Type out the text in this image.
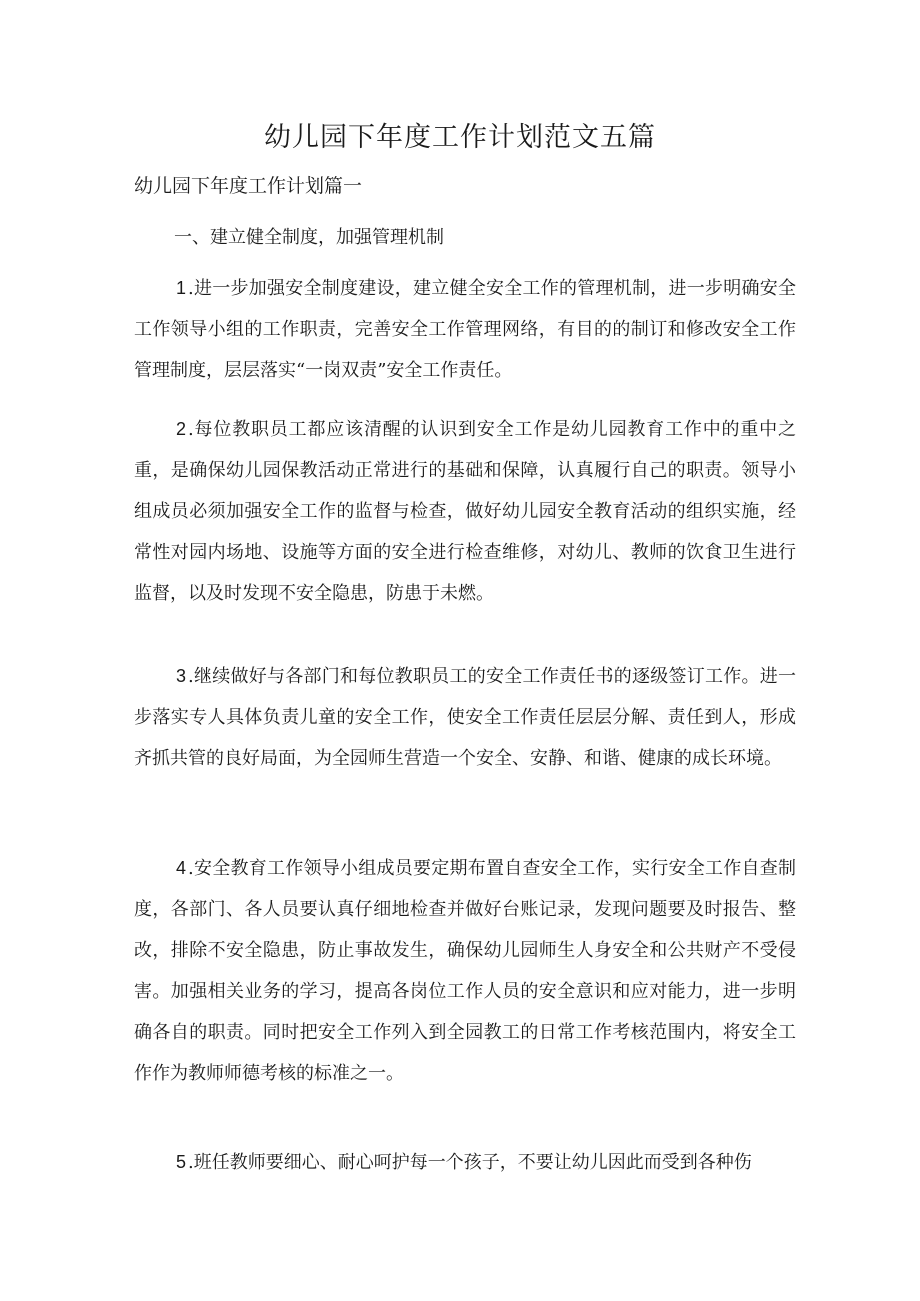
幼儿园下年度工作计划范文五篇
幼儿园下年度工作计划篇一

一、建立健全制度，加强管理机制

1 .进一步加强安全制度建设，建立健全安全工作的管理机制，进一步明确安全工作领导小组的工作职责，完善安全工作管理网络，有目的的制订和修改安全工作管理制度，层层落实“一岗双责”安全工作责任。

2 .每位教职员工都应该清醒的认识到安全工作是幼儿园教育工作中的重中之重，是确保幼儿园保教活动正常进行的基础和保障，认真履行自己的职责。领导小组成员必须加强安全工作的监督与检查，做好幼儿园安全教育活动的组织实施，经常性对园内场地、设施等方面的安全进行检查维修，对幼儿、教师的饮食卫生进行监督，以及时发现不安全隐患，防患于未燃。

3 .继续做好与各部门和每位教职员工的安全工作责任书的逐级签订工作。进一步落实专人具体负责儿童的安全工作，使安全工作责任层层分解、责任到人，形成齐抓共管的良好局面，为全园师生营造一个安全、安静、和谐、健康的成长环境。

4 .安全教育工作领导小组成员要定期布置自查安全工作，实行安全工作自查制度，各部门、各人员要认真仔细地检查并做好台账记录，发现问题要及时报告、整改，排除不安全隐患，防止事故发生，确保幼儿园师生人身安全和公共财产不受侵害。加强相关业务的学习，提高各岗位工作人员的安全意识和应对能力，进一步明确各自的职责。同时把安全工作列入到全园教工的日常工作考核范围内，将安全工作作为教师师德考核的标准之一。

5 .班任教师要细心、耐心呵护每一个孩子，不要让幼儿因此而受到各种伤
